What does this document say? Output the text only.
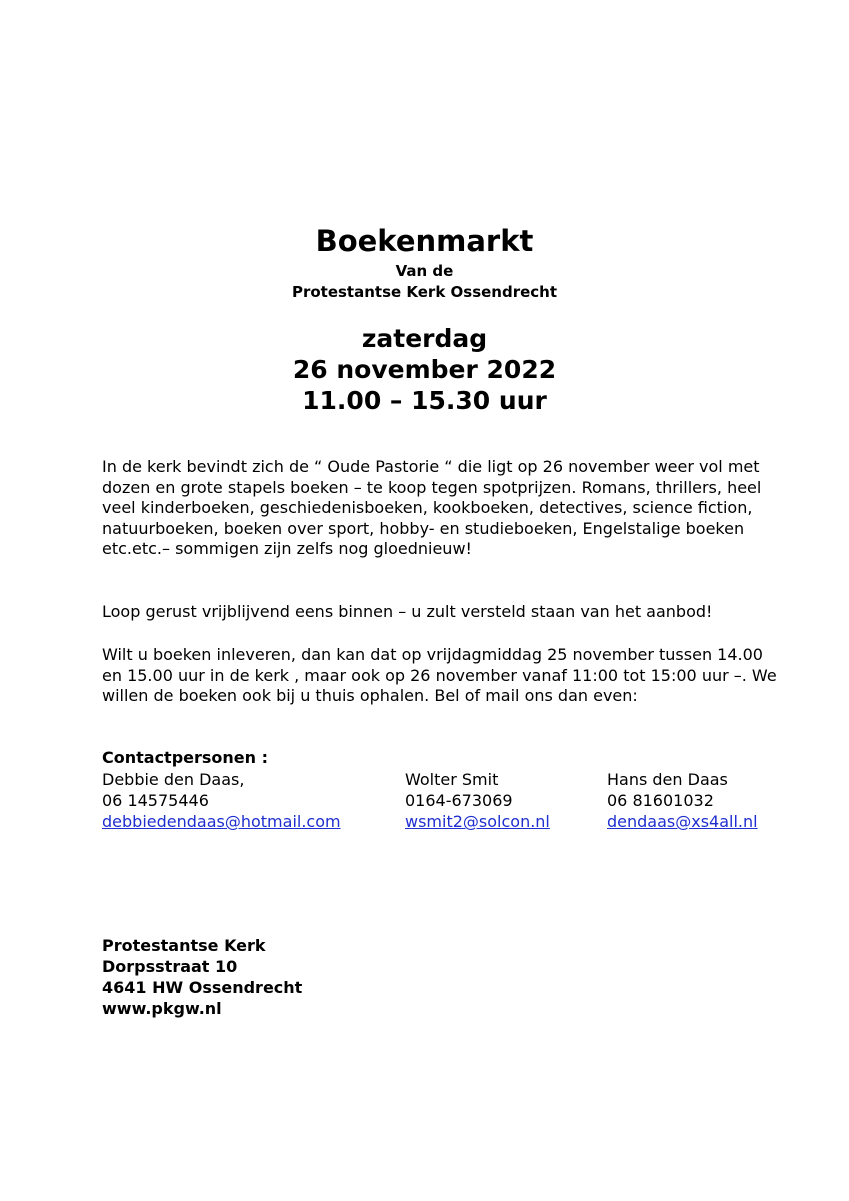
Boekenmarkt
Van de
Protestantse Kerk Ossendrecht
zaterdag
26 november 2022
11.00 – 15.30 uur

In de kerk bevindt zich de “ Oude Pastorie “ die ligt op 26 november weer vol met dozen en grote stapels boeken – te koop tegen spotprijzen. Romans, thrillers, heel veel kinderboeken, geschiedenisboeken, kookboeken, detectives, science fiction, natuurboeken, boeken over sport, hobby- en studieboeken, Engelstalige boeken etc.etc.– sommigen zijn zelfs nog gloednieuw!

Loop gerust vrijblijvend eens binnen – u zult versteld staan van het aanbod!

Wilt u boeken inleveren, dan kan dat op vrijdagmiddag 25 november tussen 14.00 en 15.00 uur in de kerk , maar ook op 26 november vanaf 11:00 tot 15:00 uur –. We willen de boeken ook bij u thuis ophalen. Bel of mail ons dan even:

Contactpersonen :
Debbie den Daas,
06 14575446
debbiedendaas@hotmail.com
Wolter Smit
0164-673069
wsmit2@solcon.nl
Hans den Daas
06 81601032
dendaas@xs4all.nl
Protestantse Kerk
Dorpsstraat 10
4641 HW Ossendrecht
www.pkgw.nl
